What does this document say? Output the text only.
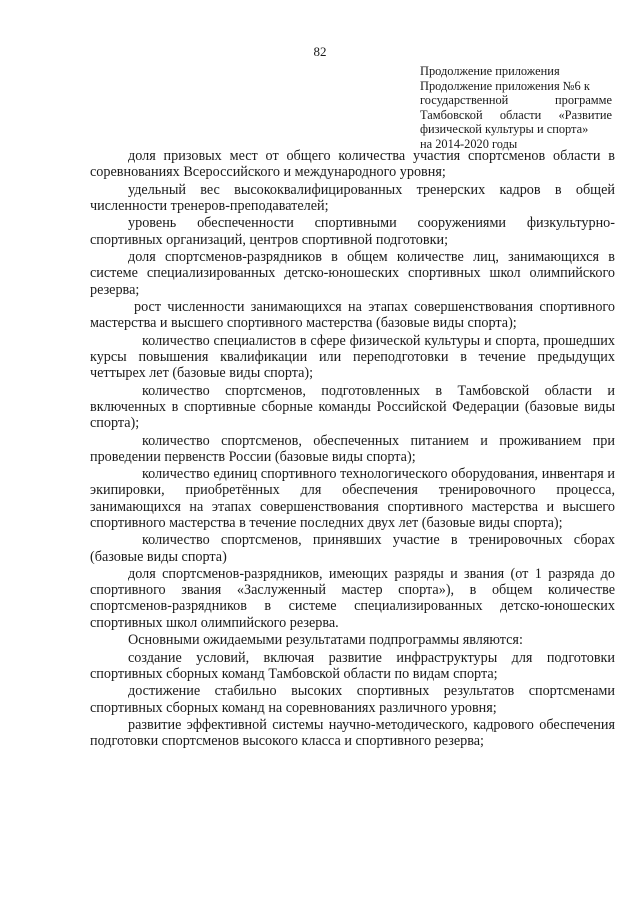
82
Продолжение приложения
Продолжение приложения №6 к
государственной программе
Тамбовской области «Развитие
физической культуры и спорта»
на 2014-2020 годы

доля призовых мест от общего количества участия спортсменов области в соревнованиях Всероссийского и международного уровня;

удельный вес высококвалифицированных тренерских кадров в общей численности тренеров-преподавателей;

уровень обеспеченности спортивными сооружениями физкультурно-спортивных организаций, центров спортивной подготовки;

доля спортсменов-разрядников в общем количестве лиц, занимающихся в системе специализированных детско-юношеских спортивных школ олимпийского резерва;

рост численности занимающихся на этапах совершенствования спортивного мастерства и высшего спортивного мастерства (базовые виды спорта);

количество специалистов в сфере физической культуры и спорта, прошедших курсы повышения квалификации или переподготовки в течение предыдущих четтырех лет (базовые виды спорта);

количество спортсменов, подготовленных в Тамбовской области и включенных в спортивные сборные команды Российской Федерации (базовые виды спорта);

количество спортсменов, обеспеченных питанием и проживанием при проведении первенств России (базовые виды спорта);

количество единиц спортивного технологического оборудования, инвентаря и экипировки, приобретённых для обеспечения тренировочного процесса, занимающихся на этапах совершенствования спортивного мастерства и высшего спортивного мастерства в течение последних двух лет (базовые виды спорта);

количество спортсменов, принявших участие в тренировочных сборах (базовые виды спорта)

доля спортсменов-разрядников, имеющих разряды и звания (от 1 разряда до спортивного звания «Заслуженный мастер спорта»), в общем количестве спортсменов-разрядников в системе специализированных детско-юношеских спортивных школ олимпийского резерва.

Основными ожидаемыми результатами подпрограммы являются:

создание условий, включая развитие инфраструктуры для подготовки спортивных сборных команд Тамбовской области по видам спорта;

достижение стабильно высоких спортивных результатов спортсменами спортивных сборных команд на соревнованиях различного уровня;

развитие эффективной системы научно-методического, кадрового обеспечения подготовки спортсменов высокого класса и спортивного резерва;
